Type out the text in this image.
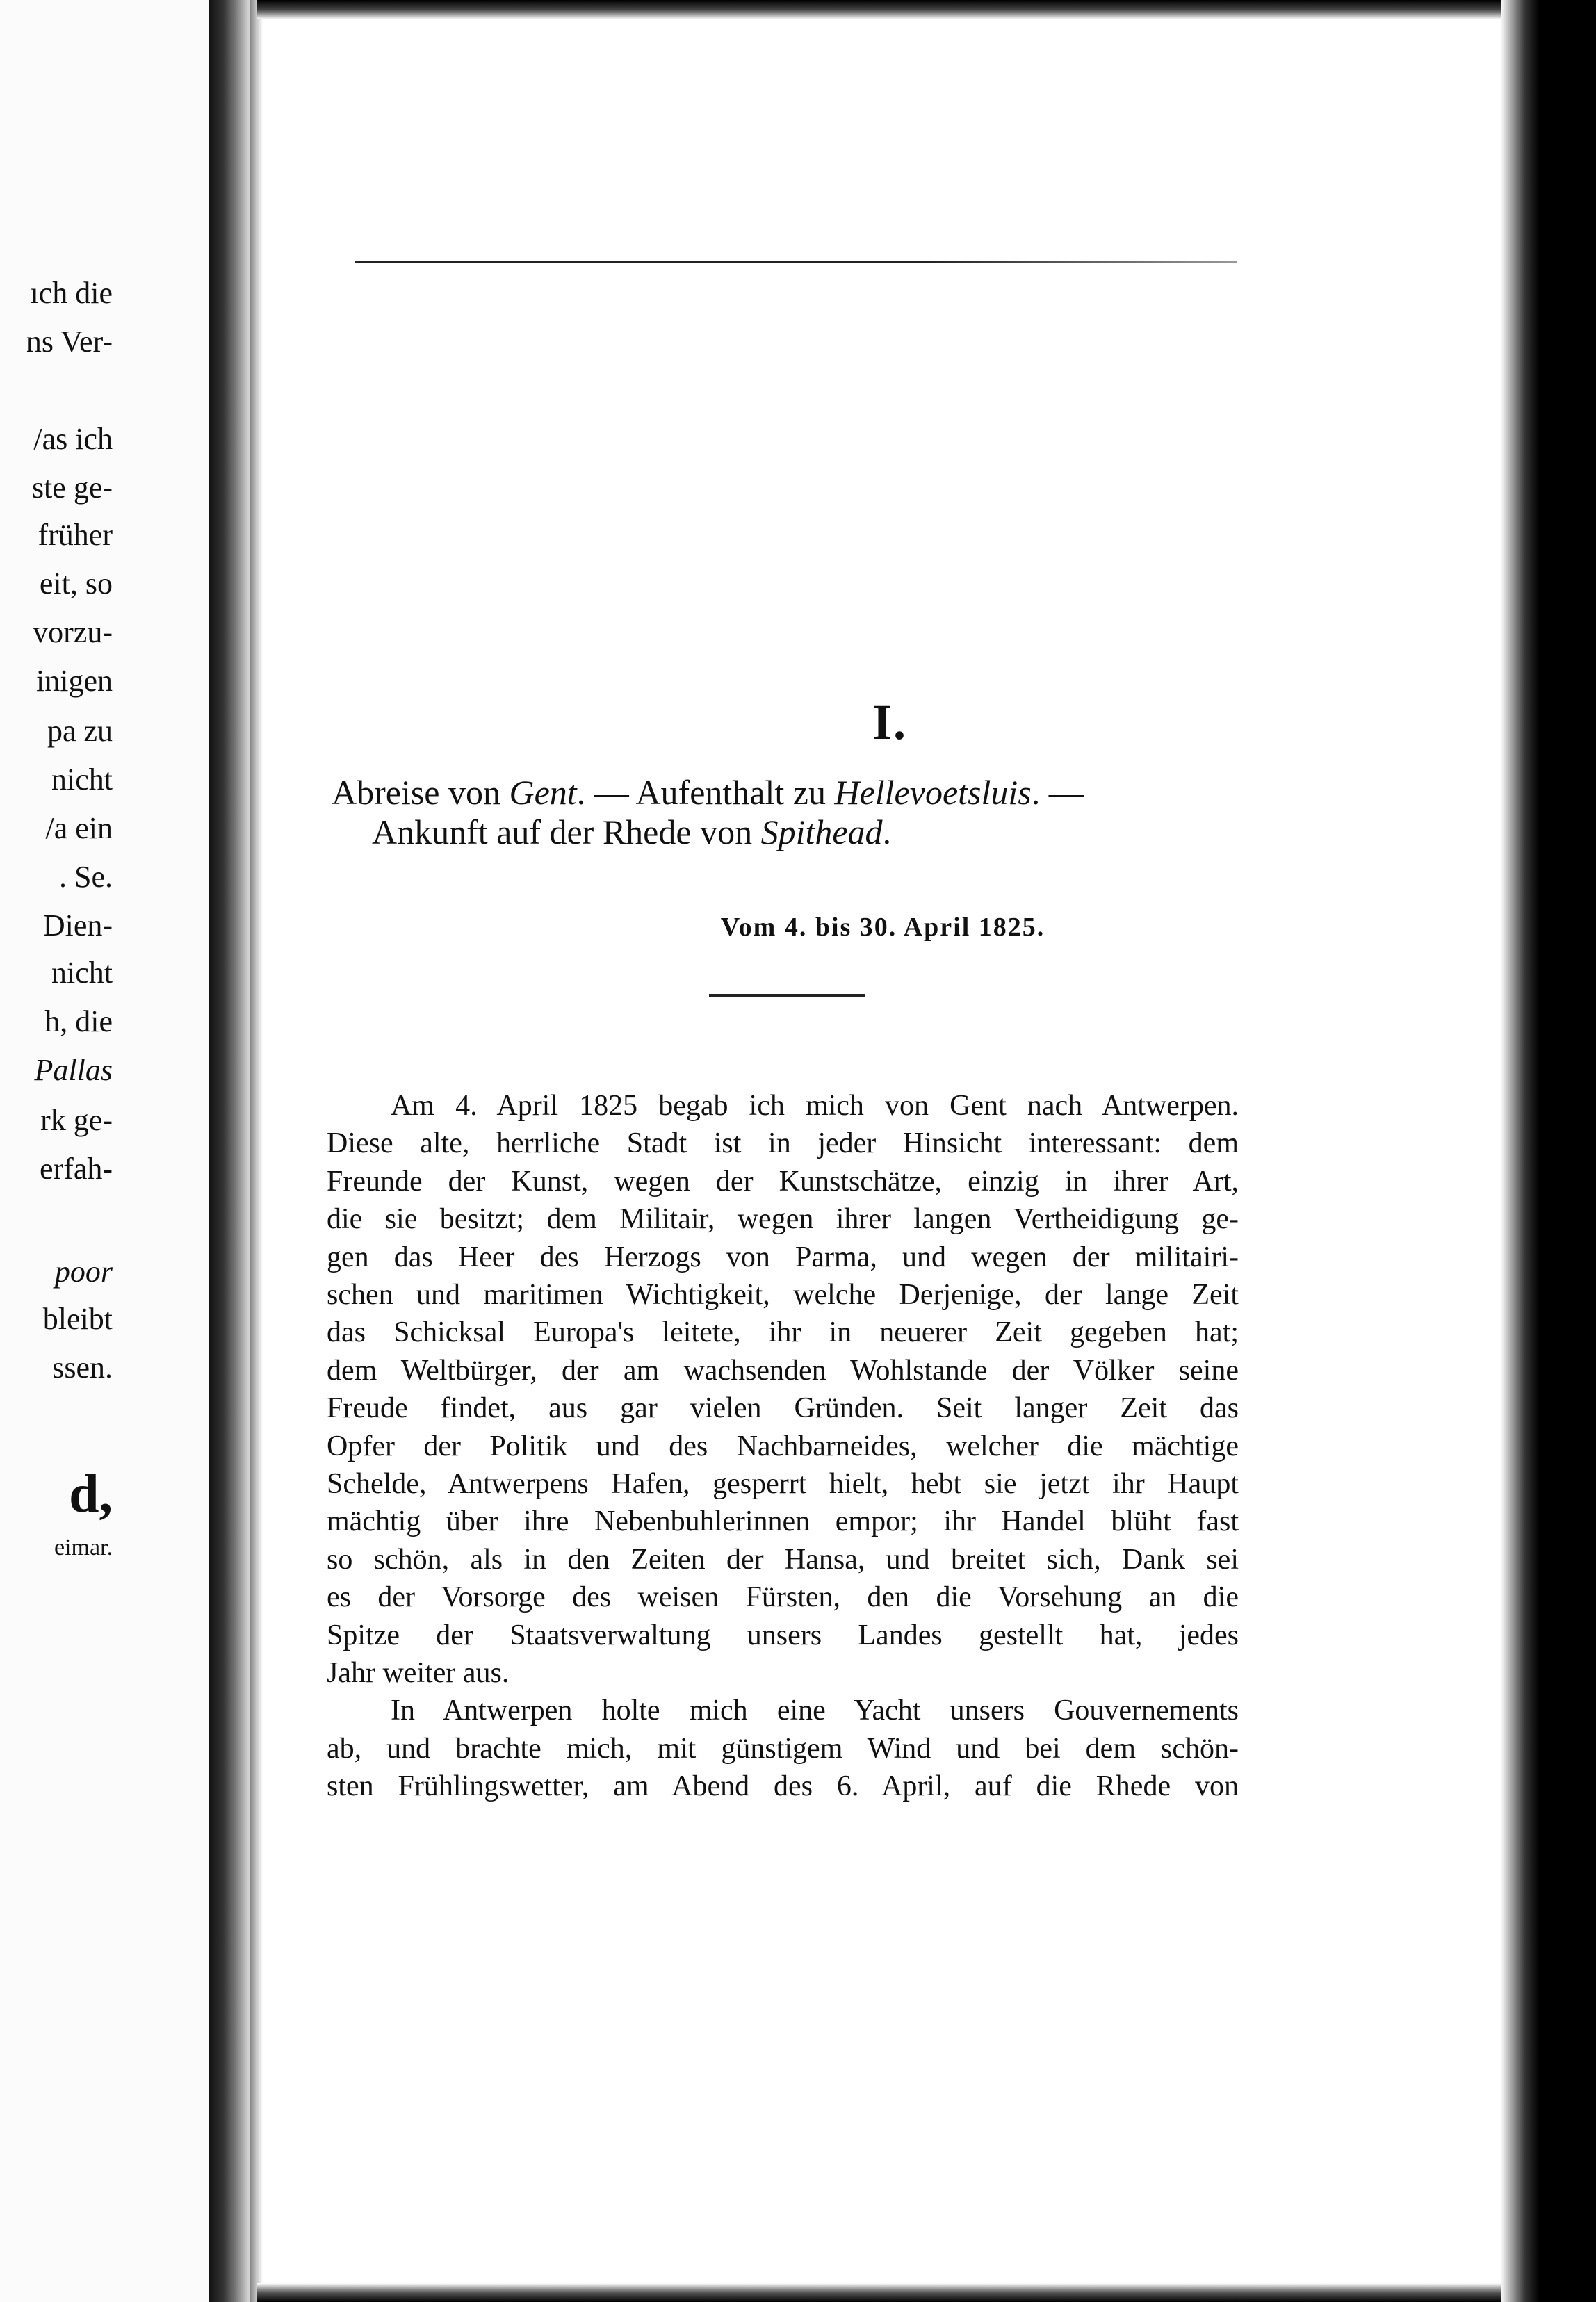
ıch die
ns Ver-
/as ich
ste ge-
früher
eit, so
vorzu-
inigen
pa zu
nicht
/a ein
. Se.
Dien-
nicht
h, die
Pallas
rk ge-
erfah-
poor
bleibt
ssen.
d,
eimar.
I.
Abreise von Gent. — Aufenthalt zu Hellevoetsluis. —
Ankunft auf der Rhede von Spithead.
Vom 4. bis 30. April 1825.
Am 4. April 1825 begab ich mich von Gent nach Antwerpen.
Diese alte, herrliche Stadt ist in jeder Hinsicht interessant: dem
Freunde der Kunst, wegen der Kunstschätze, einzig in ihrer Art,
die sie besitzt; dem Militair, wegen ihrer langen Vertheidigung ge-
gen das Heer des Herzogs von Parma, und wegen der militairi-
schen und maritimen Wichtigkeit, welche Derjenige, der lange Zeit
das Schicksal Europa's leitete, ihr in neuerer Zeit gegeben hat;
dem Weltbürger, der am wachsenden Wohlstande der Völker seine
Freude findet, aus gar vielen Gründen. Seit langer Zeit das
Opfer der Politik und des Nachbarneides, welcher die mächtige
Schelde, Antwerpens Hafen, gesperrt hielt, hebt sie jetzt ihr Haupt
mächtig über ihre Nebenbuhlerinnen empor; ihr Handel blüht fast
so schön, als in den Zeiten der Hansa, und breitet sich, Dank sei
es der Vorsorge des weisen Fürsten, den die Vorsehung an die
Spitze der Staatsverwaltung unsers Landes gestellt hat, jedes
Jahr weiter aus.
In Antwerpen holte mich eine Yacht unsers Gouvernements
ab, und brachte mich, mit günstigem Wind und bei dem schön-
sten Frühlingswetter, am Abend des 6. April, auf die Rhede von
